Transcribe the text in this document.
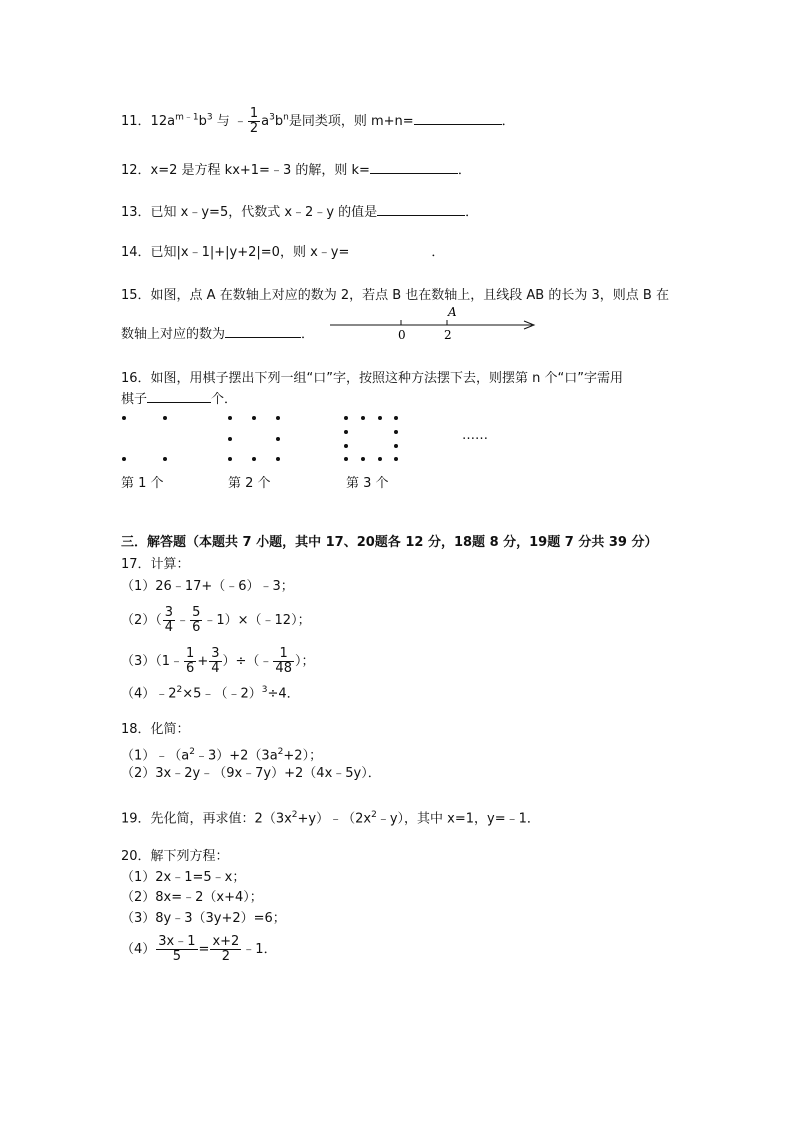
11．$12a^{m﹣1}b^3$ 与 ﹣ $\frac{1}{2} a^3b^n$是同类项，则 m+n=	．
12．x=2 是方程 kx+1=﹣3 的解，则 k=	．
13．已知 x﹣y=5，代数式 x﹣2﹣y 的值是	．
14．已知|x﹣1|+|y+2|=0，则 x﹣y=	．
15．如图，点 A 在数轴上对应的数为 2，若点 B 也在数轴上，且线段 AB 的长为 3，则点 B 在
数轴上对应的数为	．	0	2
A
16．如图，用棋子摆出下列一组“口”字，按照这种方法摆下去，则摆第 n 个“口”字需用
棋子	个．
……
第 1 个	第 2 个	第 3 个
三．解答题（本题共 7 小题，其中 17、20题各 12 分，18题 8 分，19题 7 分共 39 分）
17．计算：
（1）26﹣17+（﹣6）﹣3；
$(2)( \frac{3}{4}$ ﹣ $\frac{5}{6}$ ﹣1）×（﹣12）；
（3）（1﹣ $\frac{1}{6} + \frac{3}{4}$ ）÷（﹣ $\frac{1}{48}$ ）；
$(4)﹣2^2\times 5﹣(﹣2)^3\div 4$．
18．化简：
$(1)﹣(a^2﹣3)+2(3a^2+2)$；
（2）3x﹣2y﹣（9x﹣7y）+2（4x﹣5y）．
19．先化简，再求值：$2(3x^2+y)﹣(2x^2﹣y)$，其中 x=1，y=﹣1．
20．解下列方程：
（1）2x﹣1=5﹣x；
（2）8x=﹣2（x+4）；
（3）8y﹣3（3y+2）=6；
$(4) \frac{3x﹣1}{5} = \frac{x+2}{2}$ ﹣1．
